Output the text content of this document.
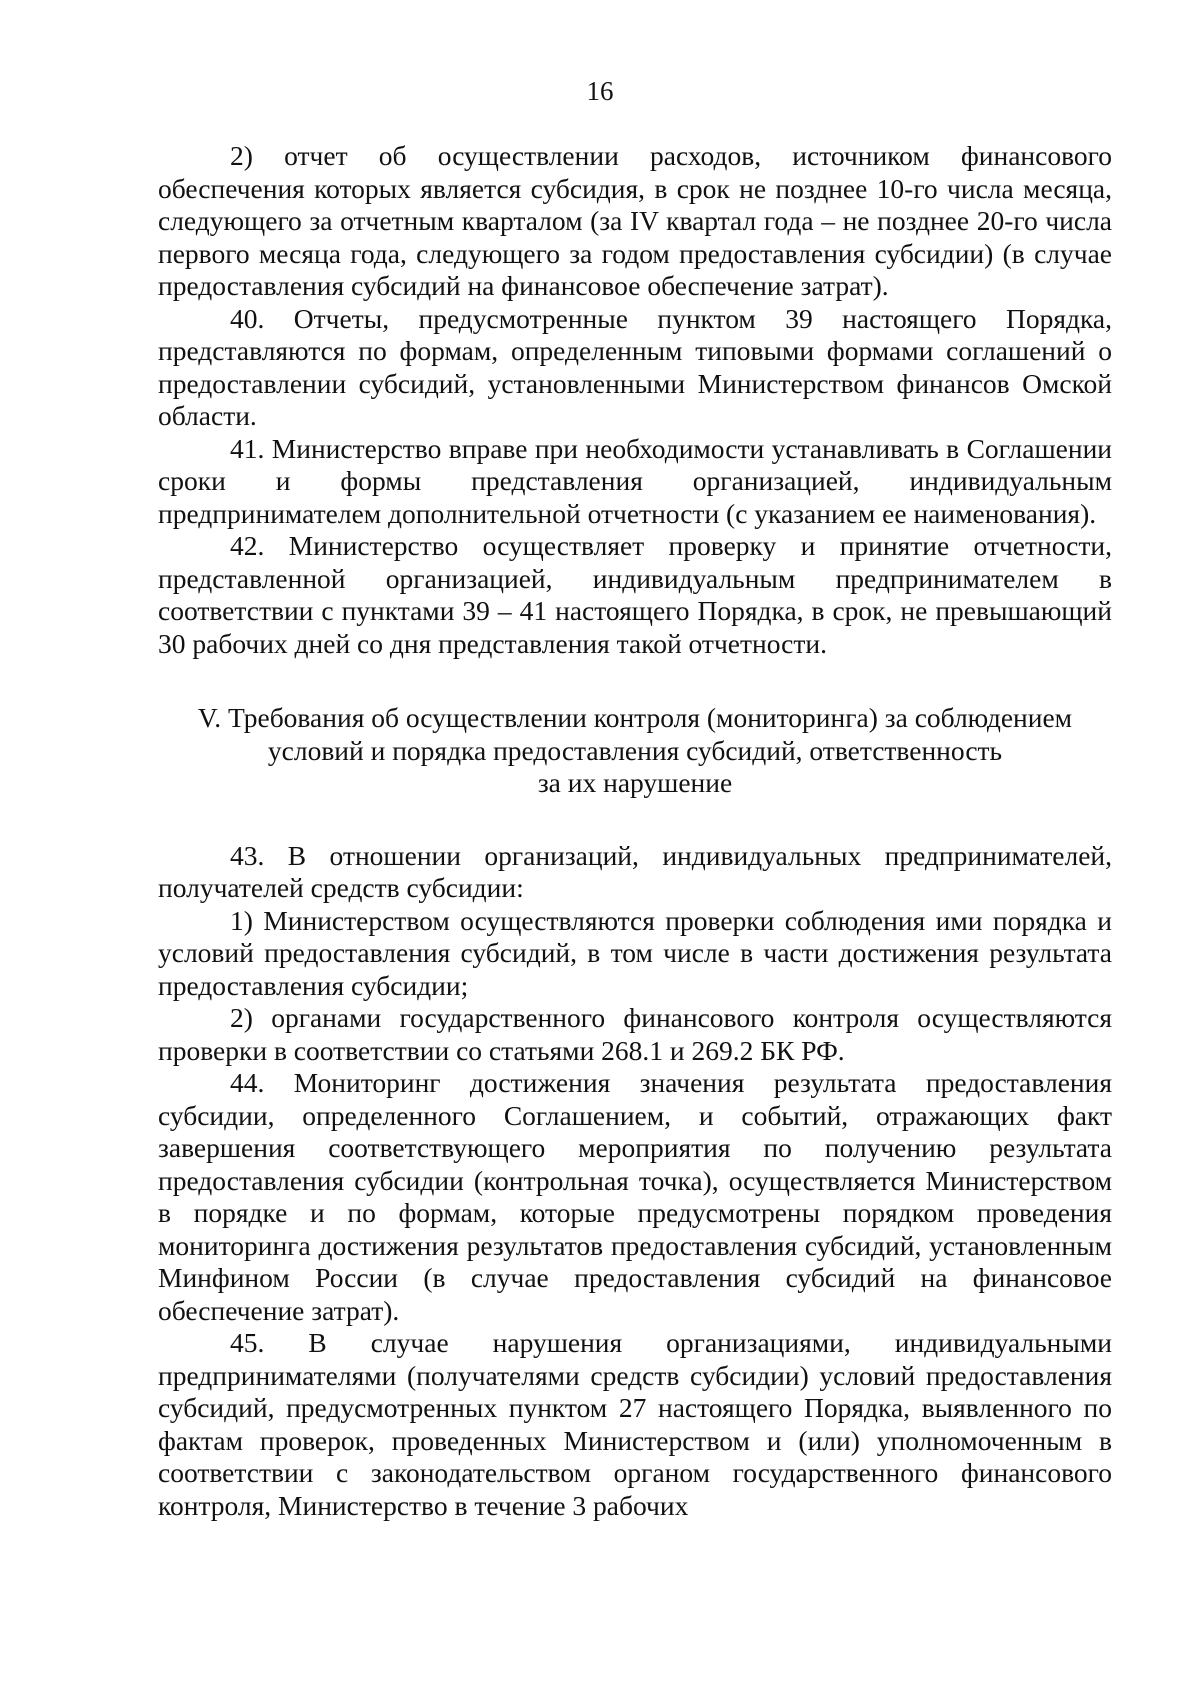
16

2) отчет об осуществлении расходов, источником финансового обеспечения которых является субсидия, в срок не позднее 10-го числа месяца, следующего за отчетным кварталом (за IV квартал года – не позднее 20-го числа первого месяца года, следующего за годом предоставления субсидии) (в случае предоставления субсидий на финансовое обеспечение затрат).

40. Отчеты, предусмотренные пунктом 39 настоящего Порядка, представляются по формам, определенным типовыми формами соглашений о предоставлении субсидий, установленными Министерством финансов Омской области.

41. Министерство вправе при необходимости устанавливать в Соглашении сроки и формы представления организацией, индивидуальным предпринимателем дополнительной отчетности (с указанием ее наименования).

42. Министерство осуществляет проверку и принятие отчетности, представленной организацией, индивидуальным предпринимателем в соответствии с пунктами 39 – 41 настоящего Порядка, в срок, не превышающий 30 рабочих дней со дня представления такой отчетности.

V. Требования об осуществлении контроля (мониторинга) за соблюдением
условий и порядка предоставления субсидий, ответственность
за их нарушение

43. В отношении организаций, индивидуальных предпринимателей, получателей средств субсидии:

1) Министерством осуществляются проверки соблюдения ими порядка и условий предоставления субсидий, в том числе в части достижения результата предоставления субсидии;

2) органами государственного финансового контроля осуществляются проверки в соответствии со статьями 268.1 и 269.2 БК РФ.

44. Мониторинг достижения значения результата предоставления субсидии, определенного Соглашением, и событий, отражающих факт завершения соответствующего мероприятия по получению результата предоставления субсидии (контрольная точка), осуществляется Министерством в порядке и по формам, которые предусмотрены порядком проведения мониторинга достижения результатов предоставления субсидий, установленным Минфином России (в случае предоставления субсидий на финансовое обеспечение затрат).

45. В случае нарушения организациями, индивидуальными предпринимателями (получателями средств субсидии) условий предоставления субсидий, предусмотренных пунктом 27 настоящего Порядка, выявленного по фактам проверок, проведенных Министерством и (или) уполномоченным в соответствии с законодательством органом государственного финансового контроля, Министерство в течение 3 рабочих
